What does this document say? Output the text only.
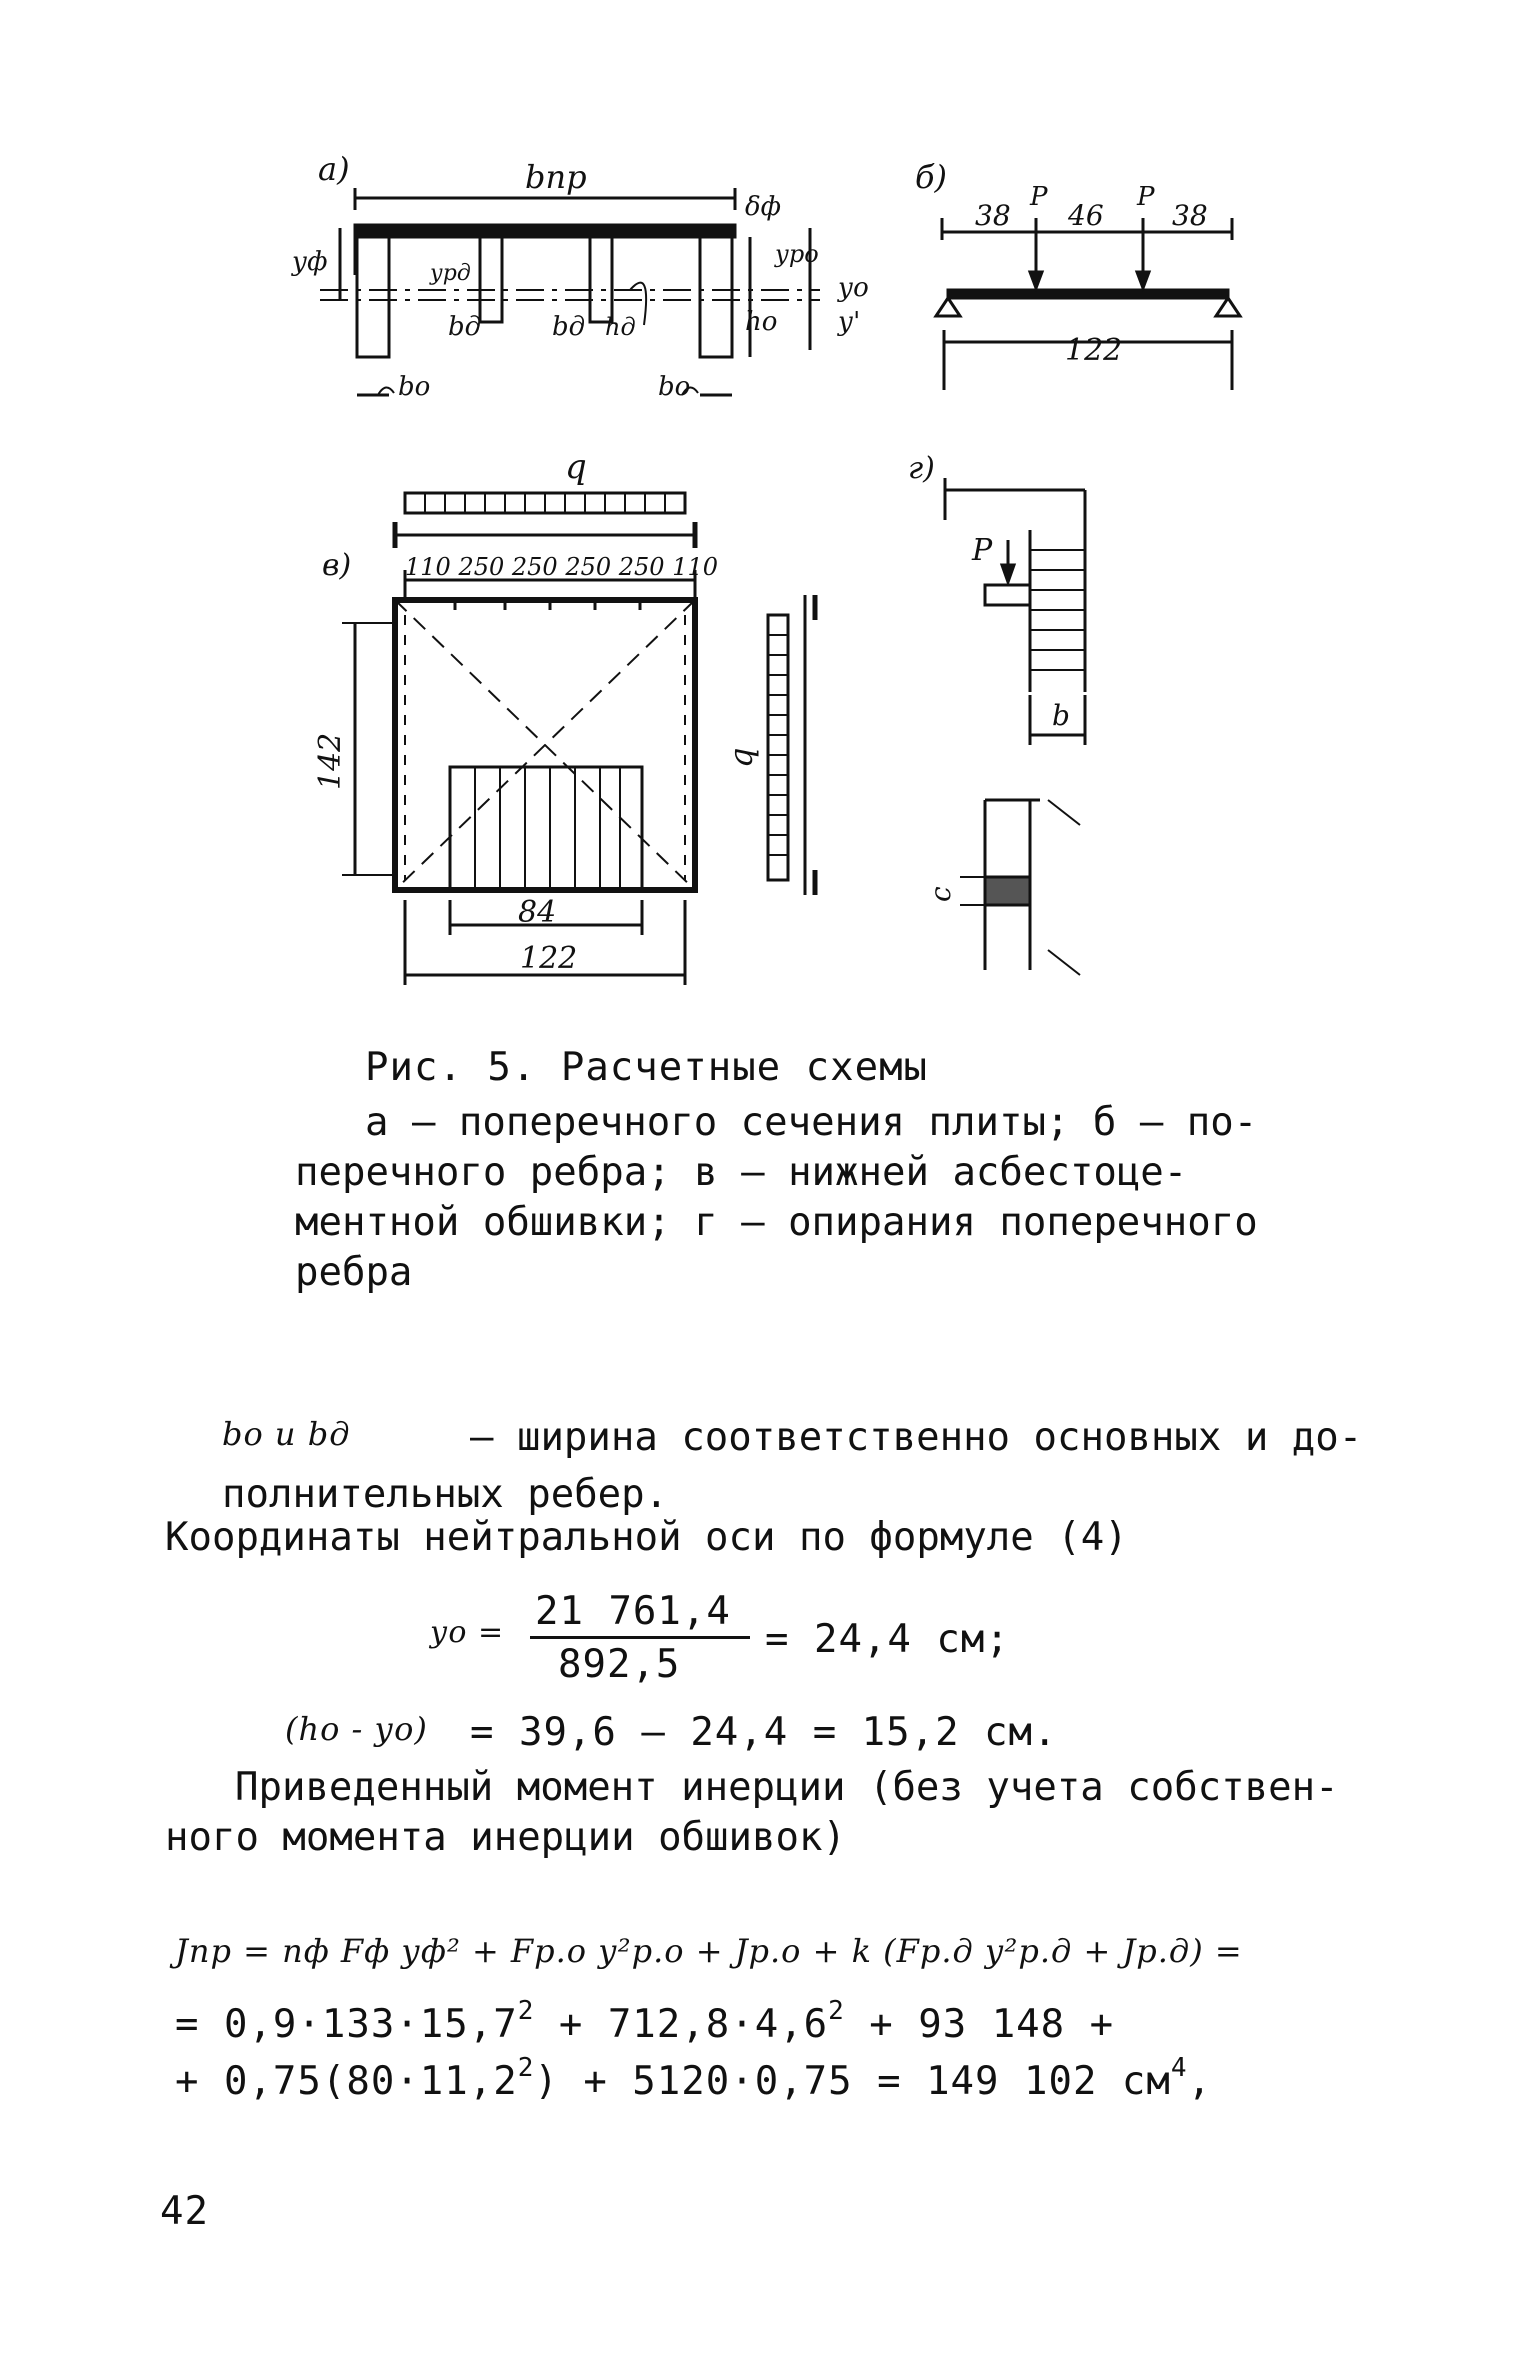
a)	bпр
δф
уф	урд
уро
уо
у'
bд	bд hд	hо
bо	bо
б)
38 46 38
P	P
122
q
в) 110 250 250 250 250 110
142	q
84
122
г)
P
b
c
Рис. 5. Расчетные схемы
а – поперечного сечения плиты; б – по-
перечного ребра; в – нижней асбестоце-
ментной обшивки; г – опирания поперечного
ребра
bо и bд	– ширина соответственно основных и до-
полнительных ребер.
Координаты нейтральной оси по формуле (4)
уо = 21 761,4
892,5
= 24,4 см;
(hо - уо) = 39,6 – 24,4 = 15,2 см.
Приведенный момент инерции (без учета собствен-
ного момента инерции обшивок)
Jпр = nф Fф уф² + Fр.о у²р.о + Jр.о + k (Fр.д у²р.д + Jр.д) =
= $0,9\cdot 133\cdot 15,7^2 + 712,8\cdot 4,6^2 + 93$ 148 +
+ $0,75(80\cdot 11,2^2) + 5120\cdot 0,75 = 149$ 102 $см^4$,
42
